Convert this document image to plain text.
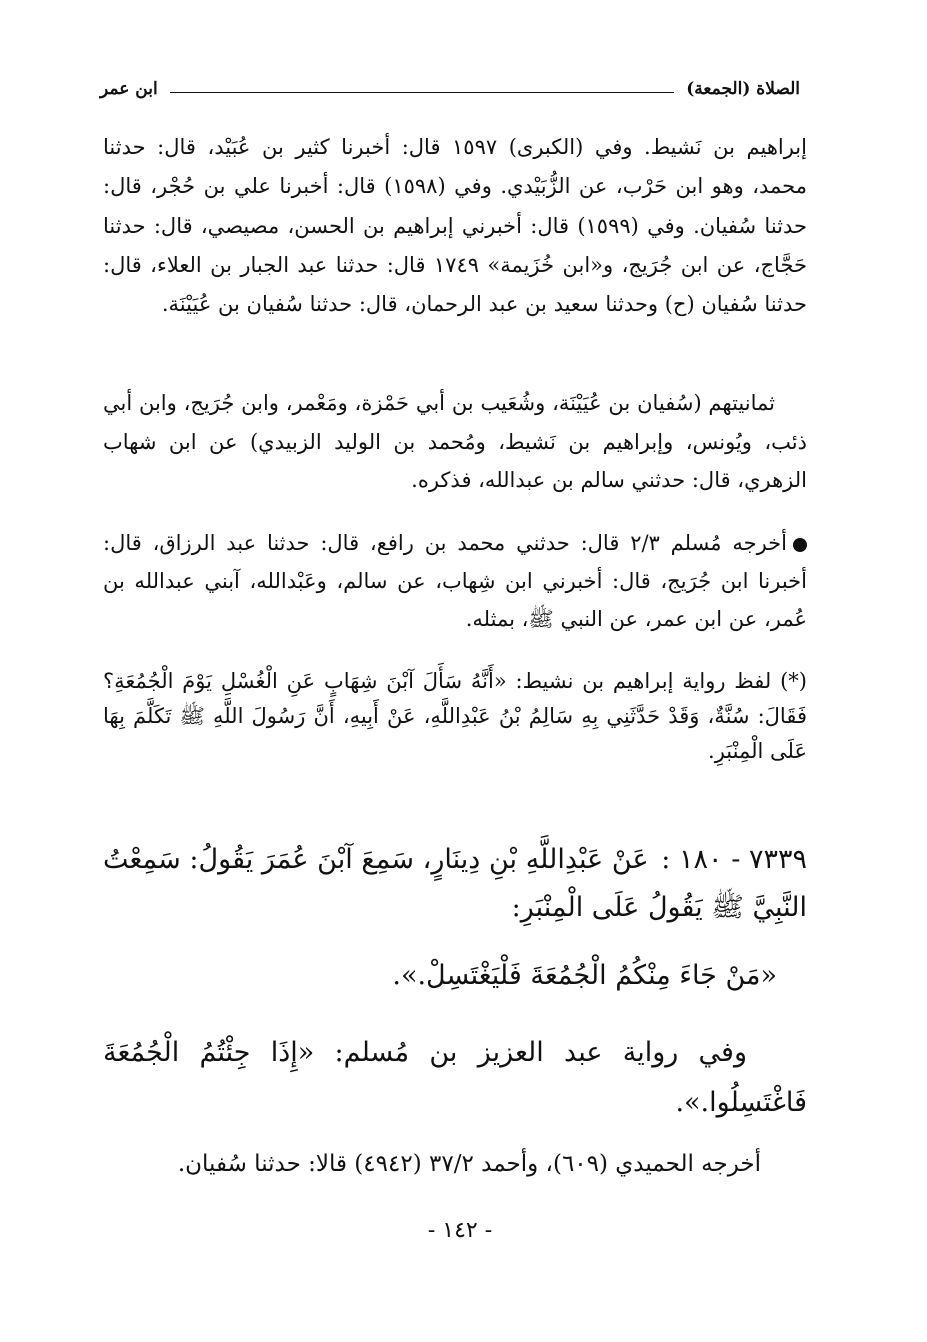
الصلاة (الجمعة)
ابن عمر

إبراهيم بن نَشيط. وفي (الكبرى) ١٥٩٧ قال: أخبرنا كثير بن عُبَيْد، قال: حدثنا محمد، وهو ابن حَرْب، عن الزُّبَيْدي. وفي (١٥٩٨) قال: أخبرنا علي بن حُجْر، قال: حدثنا سُفيان. وفي (١٥٩٩) قال: أخبرني إبراهيم بن الحسن، مصيصي، قال: حدثنا حَجَّاج، عن ابن جُرَيج، و«ابن خُزَيمة» ١٧٤٩ قال: حدثنا عبد الجبار بن العلاء، قال: حدثنا سُفيان (ح) وحدثنا سعيد بن عبد الرحمان، قال: حدثنا سُفيان بن عُيَيْنَة.

ثمانيتهم (سُفيان بن عُيَيْنَة، وشُعَيب بن أبي حَمْزة، ومَعْمر، وابن جُرَيج، وابن أبي ذئب، ويُونس، وإبراهيم بن نَشيط، ومُحمد بن الوليد الزبيدي) عن ابن شهاب الزهري، قال: حدثني سالم بن عبدالله، فذكره.

أخرجه مُسلم ٢/٣ قال: حدثني محمد بن رافع، قال: حدثنا عبد الرزاق، قال: أخبرنا ابن جُرَيج، قال: أخبرني ابن شِهاب، عن سالم، وعَبْدالله، آبني عبدالله بن عُمر، عن ابن عمر، عن النبي ﷺ، بمثله.

(*) لفظ رواية إبراهيم بن نشيط: «أَنَّهُ سَأَلَ آبْنَ شِهَابٍ عَنِ الْغُسْلِ يَوْمَ الْجُمُعَةِ؟ فَقَالَ: سُنَّةٌ، وَقَدْ حَدَّثَنِي بِهِ سَالِمُ بْنُ عَبْدِاللَّهِ، عَنْ أَبِيهِ، أَنَّ رَسُولَ اللَّهِ ﷺ تَكَلَّمَ بِهَا عَلَى الْمِنْبَرِ.

٧٣٣٩ - ١٨٠ : عَنْ عَبْدِاللَّهِ بْنِ دِينَارٍ، سَمِعَ آبْنَ عُمَرَ يَقُولُ: سَمِعْتُ النَّبِيَّ ﷺ يَقُولُ عَلَى الْمِنْبَرِ:

«مَنْ جَاءَ مِنْكُمُ الْجُمُعَةَ فَلْيَغْتَسِلْ.».

وفي رواية عبد العزيز بن مُسلم: «إِذَا جِئْتُمُ الْجُمُعَةَ فَاغْتَسِلُوا.».

أخرجه الحميدي (٦٠٩)، وأحمد ٣٧/٢ (٤٩٤٢) قالا: حدثنا سُفيان.

- ١٤٢ -
